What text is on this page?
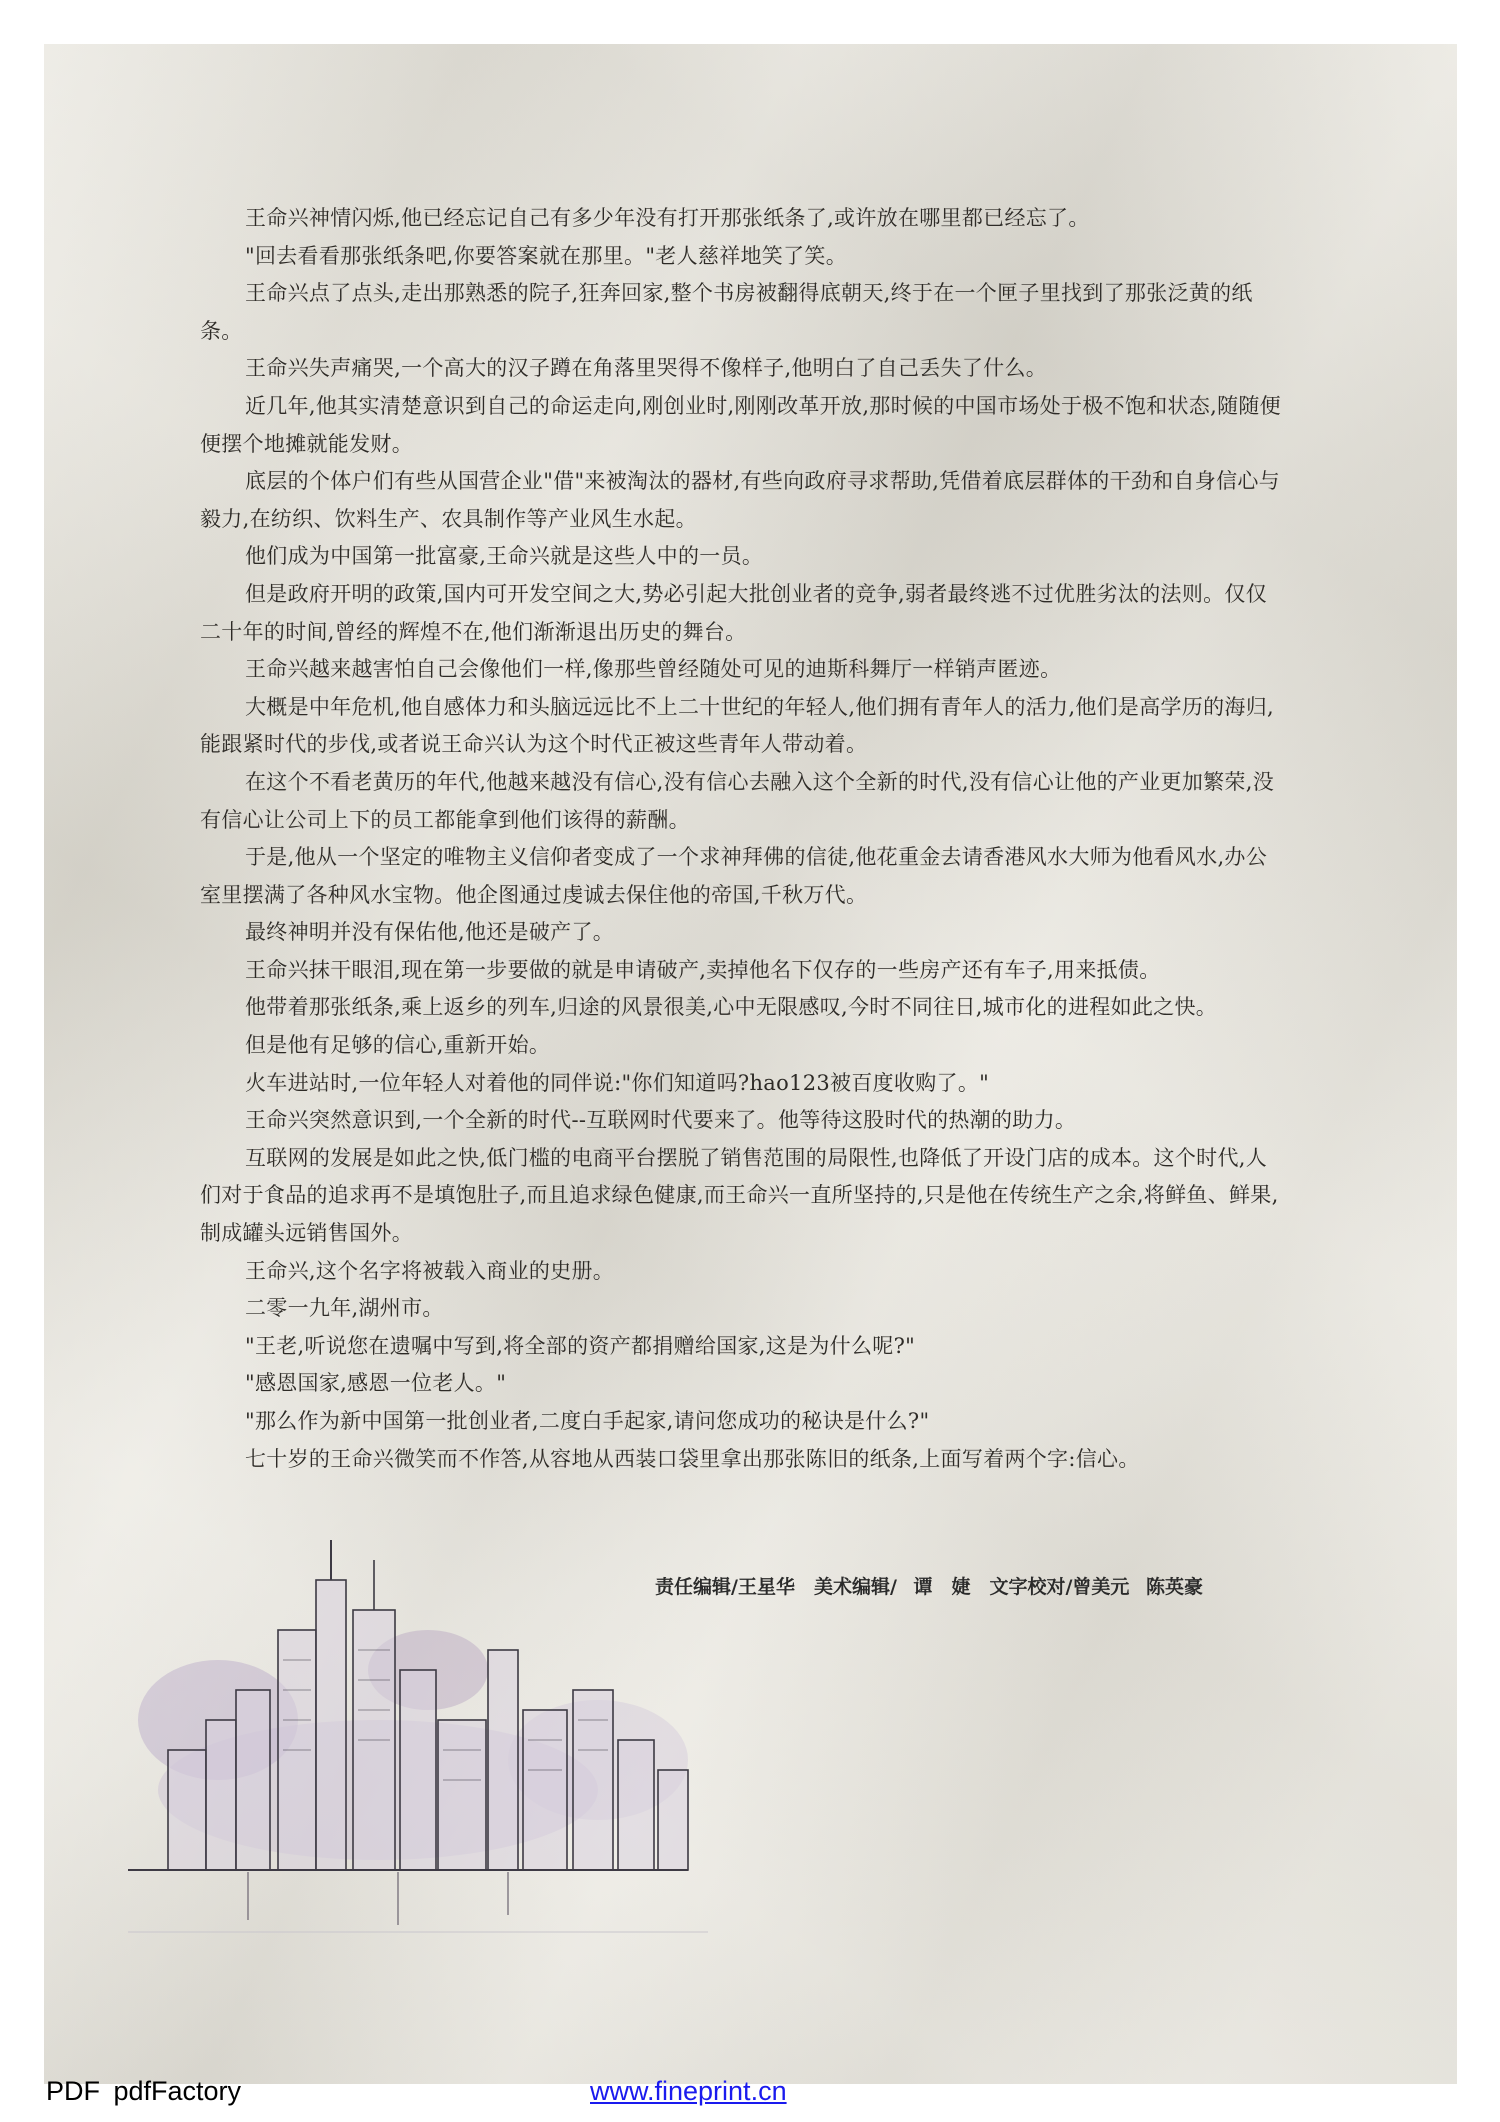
王命兴神情闪烁,他已经忘记自己有多少年没有打开那张纸条了,或许放在哪里都已经忘了。

"回去看看那张纸条吧,你要答案就在那里。"老人慈祥地笑了笑。

王命兴点了点头,走出那熟悉的院子,狂奔回家,整个书房被翻得底朝天,终于在一个匣子里找到了那张泛黄的纸条。

王命兴失声痛哭,一个高大的汉子蹲在角落里哭得不像样子,他明白了自己丢失了什么。

近几年,他其实清楚意识到自己的命运走向,刚创业时,刚刚改革开放,那时候的中国市场处于极不饱和状态,随随便便摆个地摊就能发财。

底层的个体户们有些从国营企业"借"来被淘汰的器材,有些向政府寻求帮助,凭借着底层群体的干劲和自身信心与毅力,在纺织、饮料生产、农具制作等产业风生水起。

他们成为中国第一批富豪,王命兴就是这些人中的一员。

但是政府开明的政策,国内可开发空间之大,势必引起大批创业者的竞争,弱者最终逃不过优胜劣汰的法则。仅仅二十年的时间,曾经的辉煌不在,他们渐渐退出历史的舞台。

王命兴越来越害怕自己会像他们一样,像那些曾经随处可见的迪斯科舞厅一样销声匿迹。

大概是中年危机,他自感体力和头脑远远比不上二十世纪的年轻人,他们拥有青年人的活力,他们是高学历的海归,能跟紧时代的步伐,或者说王命兴认为这个时代正被这些青年人带动着。

在这个不看老黄历的年代,他越来越没有信心,没有信心去融入这个全新的时代,没有信心让他的产业更加繁荣,没有信心让公司上下的员工都能拿到他们该得的薪酬。

于是,他从一个坚定的唯物主义信仰者变成了一个求神拜佛的信徒,他花重金去请香港风水大师为他看风水,办公室里摆满了各种风水宝物。他企图通过虔诚去保住他的帝国,千秋万代。

最终神明并没有保佑他,他还是破产了。

王命兴抹干眼泪,现在第一步要做的就是申请破产,卖掉他名下仅存的一些房产还有车子,用来抵债。

他带着那张纸条,乘上返乡的列车,归途的风景很美,心中无限感叹,今时不同往日,城市化的进程如此之快。

但是他有足够的信心,重新开始。

火车进站时,一位年轻人对着他的同伴说:"你们知道吗?hao123被百度收购了。"

王命兴突然意识到,一个全新的时代--互联网时代要来了。他等待这股时代的热潮的助力。

互联网的发展是如此之快,低门槛的电商平台摆脱了销售范围的局限性,也降低了开设门店的成本。这个时代,人们对于食品的追求再不是填饱肚子,而且追求绿色健康,而王命兴一直所坚持的,只是他在传统生产之余,将鲜鱼、鲜果,制成罐头远销售国外。

王命兴,这个名字将被载入商业的史册。

二零一九年,湖州市。

"王老,听说您在遗嘱中写到,将全部的资产都捐赠给国家,这是为什么呢?"

"感恩国家,感恩一位老人。"

"那么作为新中国第一批创业者,二度白手起家,请问您成功的秘诀是什么?"

七十岁的王命兴微笑而不作答,从容地从西装口袋里拿出那张陈旧的纸条,上面写着两个字:信心。

责任编辑/王星华　美术编辑/ 谭　婕　文字校对/曾美元 陈英豪
PDF pdfFactory	www.fineprint.cn
